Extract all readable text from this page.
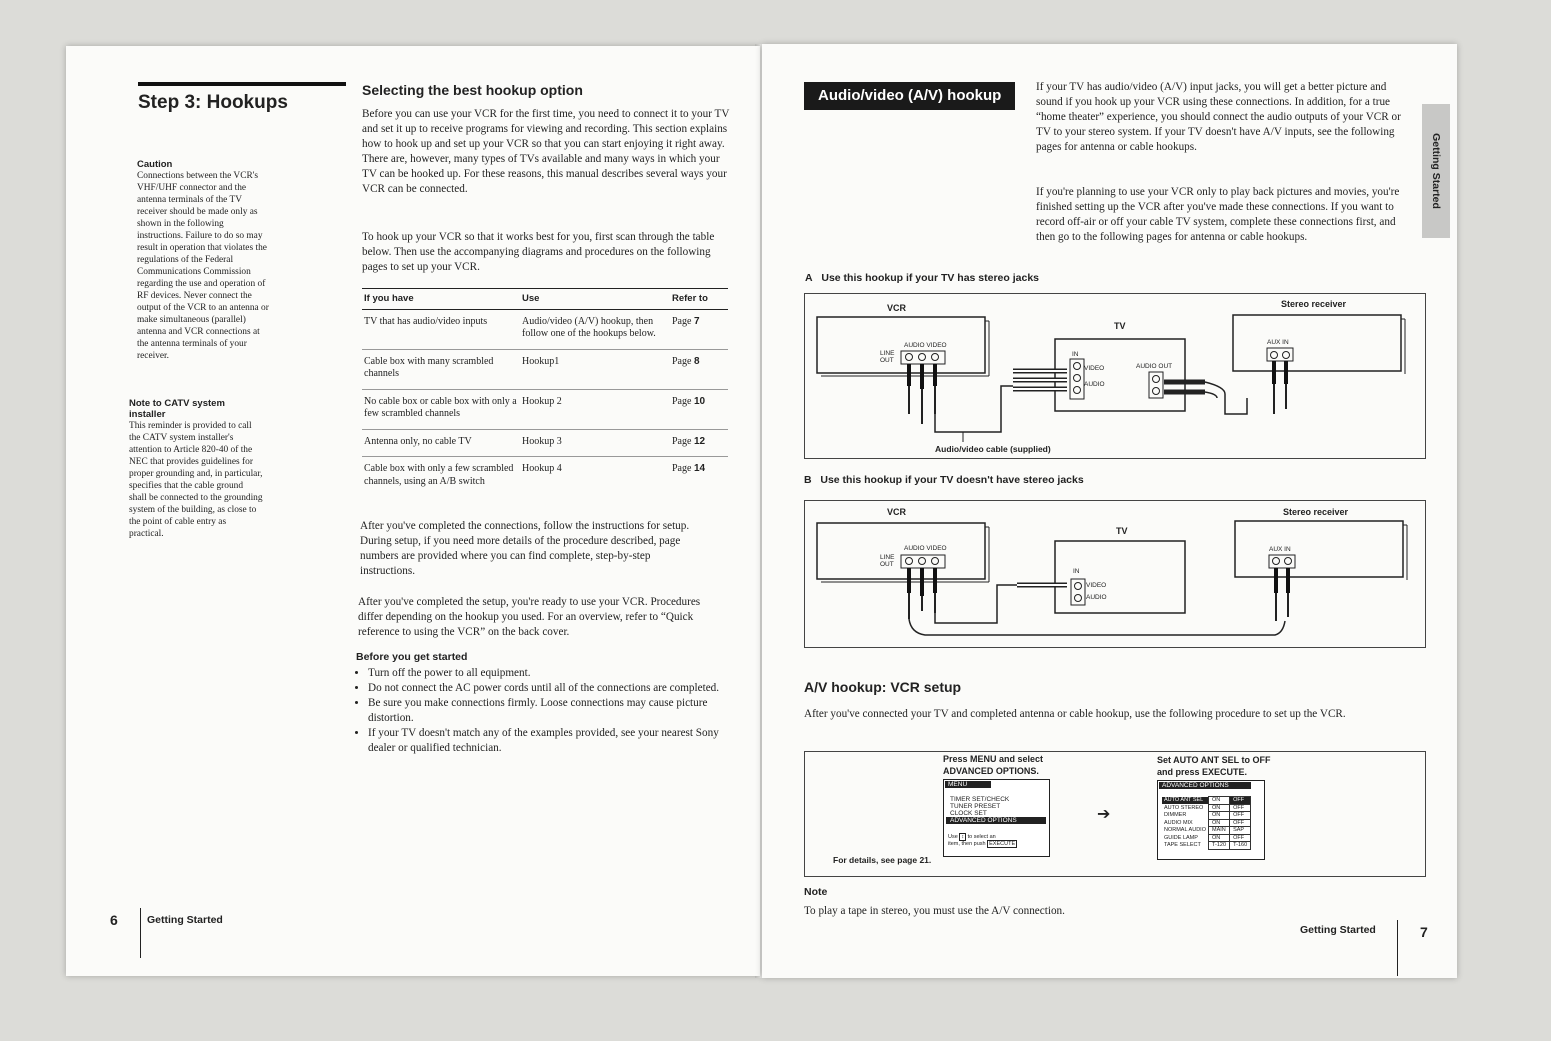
Step 3: Hookups
Caution
Connections between the VCR's VHF/UHF connector and the antenna terminals of the TV receiver should be made only as shown in the following instructions. Failure to do so may result in operation that violates the regulations of the Federal Communications Commission regarding the use and operation of RF devices. Never connect the output of the VCR to an antenna or make simultaneous (parallel) antenna and VCR connections at the antenna terminals of your receiver.
Note to CATV system installer
This reminder is provided to call the CATV system installer's attention to Article 820-40 of the NEC that provides guidelines for proper grounding and, in particular, specifies that the cable ground shall be connected to the grounding system of the building, as close to the point of cable entry as practical.
Selecting the best hookup option
Before you can use your VCR for the first time, you need to connect it to your TV and set it up to receive programs for viewing and recording. This section explains how to hook up and set up your VCR so that you can start enjoying it right away. There are, however, many types of TVs available and many ways in which your TV can be hooked up. For these reasons, this manual describes several ways your VCR can be connected.
To hook up your VCR so that it works best for you, first scan through the table below. Then use the accompanying diagrams and procedures on the following pages to set up your VCR.
If you have	Use	Refer to
TV that has audio/video inputs	Audio/video (A/V) hookup, then follow one of the hookups below.	Page 7
Cable box with many scrambled channels	Hookup1	Page 8
No cable box or cable box with only a few scrambled channels	Hookup 2	Page 10
Antenna only, no cable TV	Hookup 3	Page 12
Cable box with only a few scrambled channels, using an A/B switch	Hookup 4	Page 14
After you've completed the connections, follow the instructions for setup. During setup, if you need more details of the procedure described, page numbers are provided where you can find complete, step-by-step instructions.
After you've completed the setup, you're ready to use your VCR. Procedures differ depending on the hookup you used. For an overview, refer to “Quick reference to using the VCR” on the back cover.
Before you get started
• Turn off the power to all equipment.
• Do not connect the AC power cords until all of the connections are completed.
• Be sure you make connections firmly. Loose connections may cause picture distortion.
• If your TV doesn't match any of the examples provided, see your nearest Sony dealer or qualified technician.
6	Getting Started
Audio/video (A/V) hookup
Getting Started
If your TV has audio/video (A/V) input jacks, you will get a better picture and sound if you hook up your VCR using these connections. In addition, for a true “home theater” experience, you should connect the audio outputs of your VCR or TV to your stereo system. If your TV doesn't have A/V inputs, see the following pages for antenna or cable hookups.
If you're planning to use your VCR only to play back pictures and movies, you're finished setting up the VCR after you've made these connections. If you want to record off-air or off your cable TV system, complete these connections first, and then go to the following pages for antenna or cable hookups.
A Use this hookup if your TV has stereo jacks
VCR
TV
Stereo receiver
LINE OUT
AUDIO VIDEO
IN
VIDEO
AUDIO
AUDIO OUT
AUX IN
Audio/video cable (supplied)
B Use this hookup if your TV doesn't have stereo jacks
VCR
TV
Stereo receiver
LINE OUT
AUDIO VIDEO
IN
VIDEO
AUDIO
AUX IN
A/V hookup: VCR setup
After you've connected your TV and completed antenna or cable hookup, use the following procedure to set up the VCR.
Press MENU and select ADVANCED OPTIONS.
MENU
TIMER SET/CHECK
TUNER PRESET
CLOCK SET
ADVANCED OPTIONS
Use ↕ to select an
item, then push EXECUTE
➔
Set AUTO ANT SEL to OFF and press EXECUTE.
ADVANCED OPTIONS
AUTO ANT SEL	ON	OFF
AUTO STEREO	ON	OFF
DIMMER	ON	OFF
AUDIO MIX	ON	OFF
NORMAL AUDIO	MAIN	SAP
GUIDE LAMP	ON	OFF
TAPE SELECT	T-120	T-160
For details, see page 21.
Note
To play a tape in stereo, you must use the A/V connection.
Getting Started	7
